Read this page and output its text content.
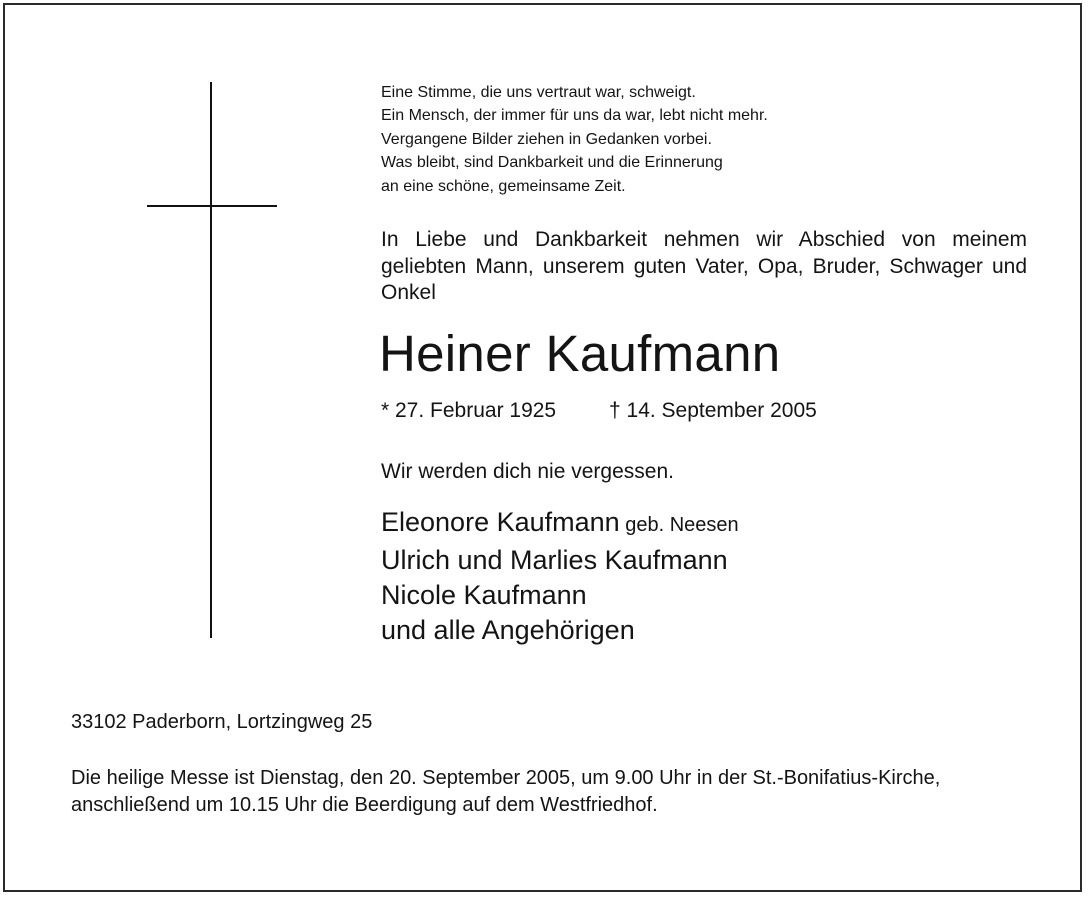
Eine Stimme, die uns vertraut war, schweigt.
Ein Mensch, der immer für uns da war, lebt nicht mehr.
Vergangene Bilder ziehen in Gedanken vorbei.
Was bleibt, sind Dankbarkeit und die Erinnerung
an eine schöne, gemeinsame Zeit.
In Liebe und Dankbarkeit nehmen wir Abschied von meinem geliebten Mann, unserem guten Vater, Opa, Bruder, Schwager und Onkel
Heiner Kaufmann
* 27. Februar 1925	† 14. September 2005
Wir werden dich nie vergessen.
Eleonore Kaufmann geb. Neesen
Ulrich und Marlies Kaufmann
Nicole Kaufmann
und alle Angehörigen
33102 Paderborn, Lortzingweg 25
Die heilige Messe ist Dienstag, den 20. September 2005, um 9.00 Uhr in der St.-Bonifatius-Kirche,
anschließend um 10.15 Uhr die Beerdigung auf dem Westfriedhof.
